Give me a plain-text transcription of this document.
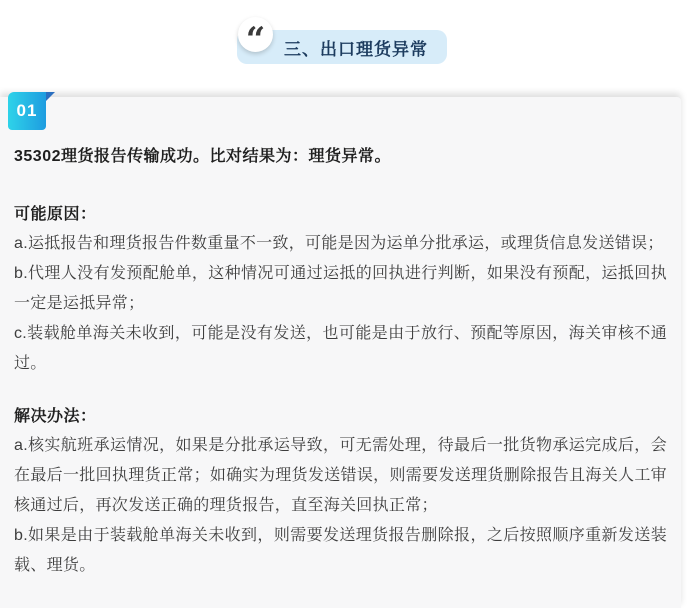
“ 三、出口理货异常
01

35302理货报告传输成功。比对结果为：理货异常。

可能原因：

a.运抵报告和理货报告件数重量不一致，可能是因为运单分批承运，或理货信息发送错误；

b.代理人没有发预配舱单，这种情况可通过运抵的回执进行判断，如果没有预配，运抵回执一定是运抵异常；

c.装载舱单海关未收到，可能是没有发送，也可能是由于放行、预配等原因，海关审核不通过。

解决办法：

a.核实航班承运情况，如果是分批承运导致，可无需处理，待最后一批货物承运完成后，会在最后一批回执理货正常；如确实为理货发送错误，则需要发送理货删除报告且海关人工审核通过后，再次发送正确的理货报告，直至海关回执正常；

b.如果是由于装载舱单海关未收到，则需要发送理货报告删除报，之后按照顺序重新发送装载、理货。
